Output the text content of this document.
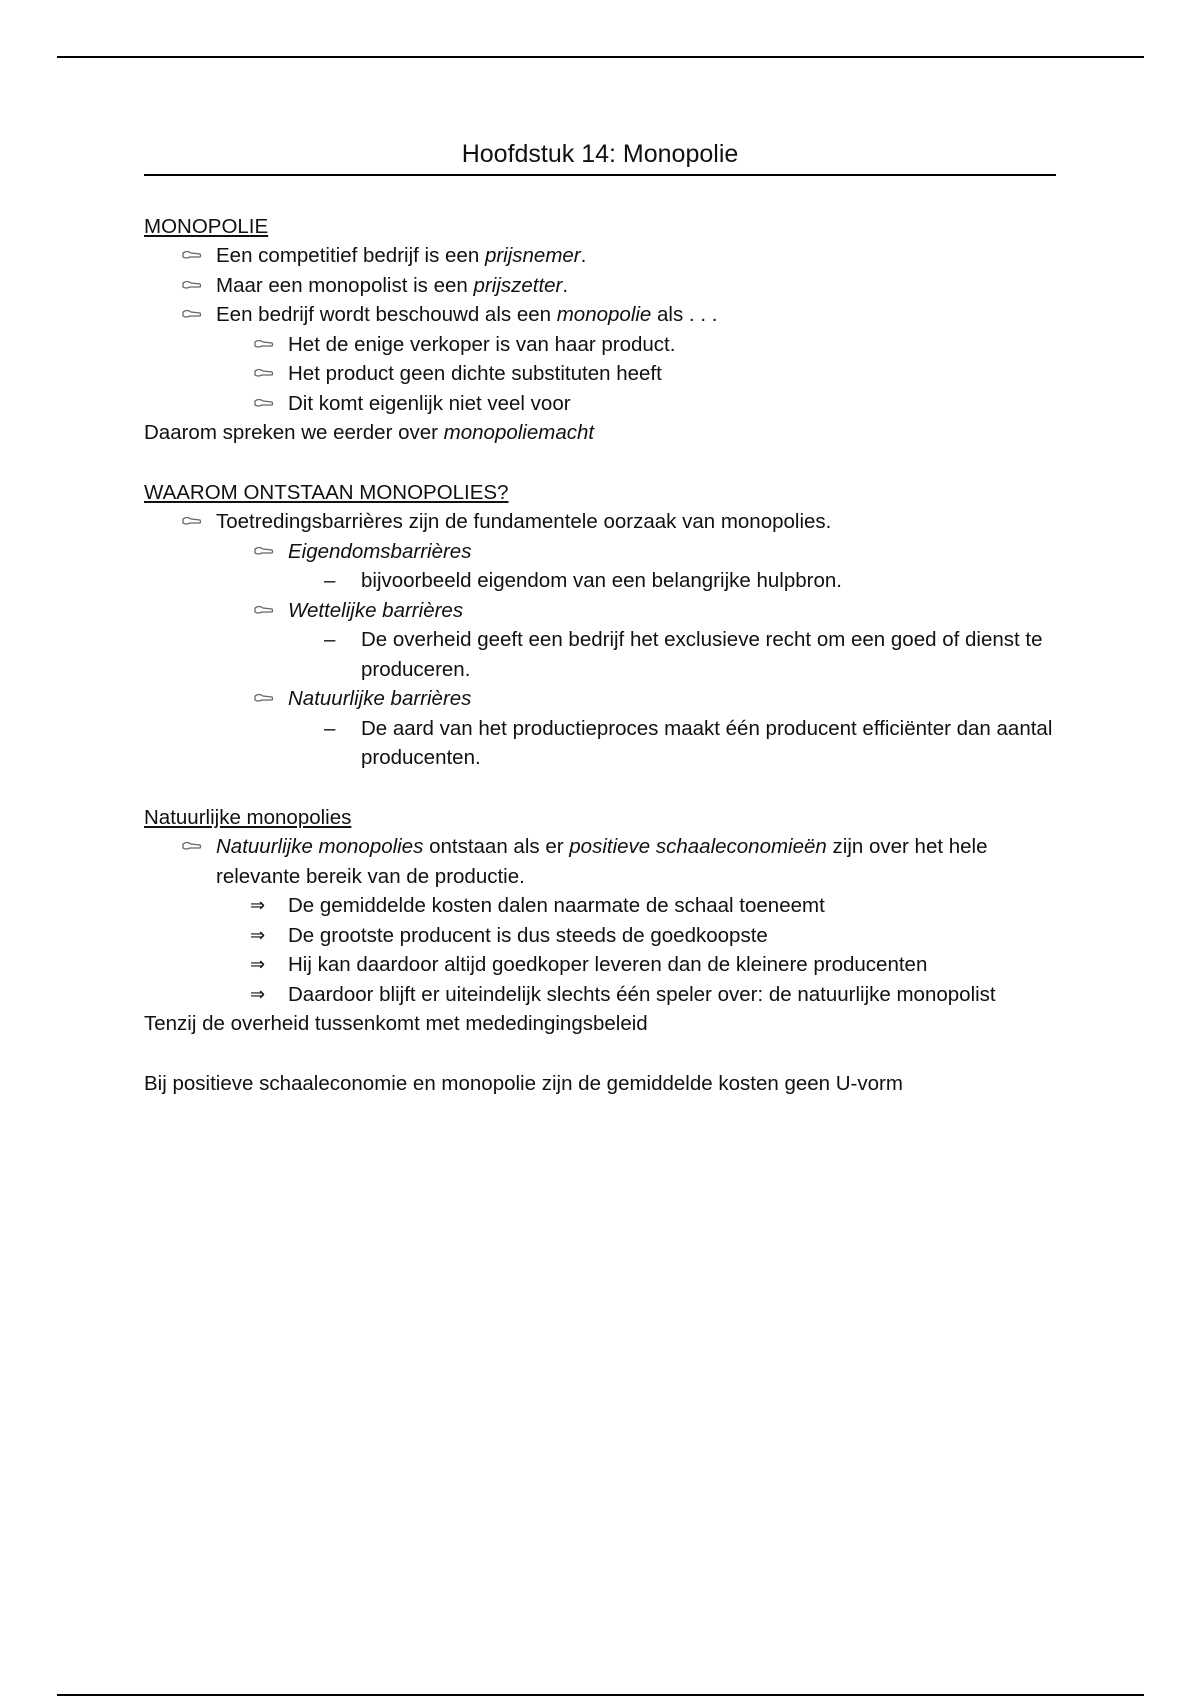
Hoofdstuk 14: Monopolie
MONOPOLIE
Een competitief bedrijf is een prijsnemer.
Maar een monopolist is een prijszetter.
Een bedrijf wordt beschouwd als een monopolie als . . .
Het de enige verkoper is van haar product.
Het product geen dichte substituten heeft
Dit komt eigenlijk niet veel voor
Daarom spreken we eerder over monopoliemacht
WAAROM ONTSTAAN MONOPOLIES?
Toetredingsbarrières zijn de fundamentele oorzaak van monopolies.
Eigendomsbarrières
– bijvoorbeeld eigendom van een belangrijke hulpbron.
Wettelijke barrières
– De overheid geeft een bedrijf het exclusieve recht om een goed of dienst te produceren.
Natuurlijke barrières
– De aard van het productieproces maakt één producent efficiënter dan aantal producenten.
Natuurlijke monopolies
Natuurlijke monopolies ontstaan als er positieve schaaleconomieën zijn over het hele relevante bereik van de productie.
⇒ De gemiddelde kosten dalen naarmate de schaal toeneemt
⇒ De grootste producent is dus steeds de goedkoopste
⇒ Hij kan daardoor altijd goedkoper leveren dan de kleinere producenten
⇒ Daardoor blijft er uiteindelijk slechts één speler over: de natuurlijke monopolist
Tenzij de overheid tussenkomt met mededingingsbeleid
Bij positieve schaaleconomie en monopolie zijn de gemiddelde kosten geen U-vorm
